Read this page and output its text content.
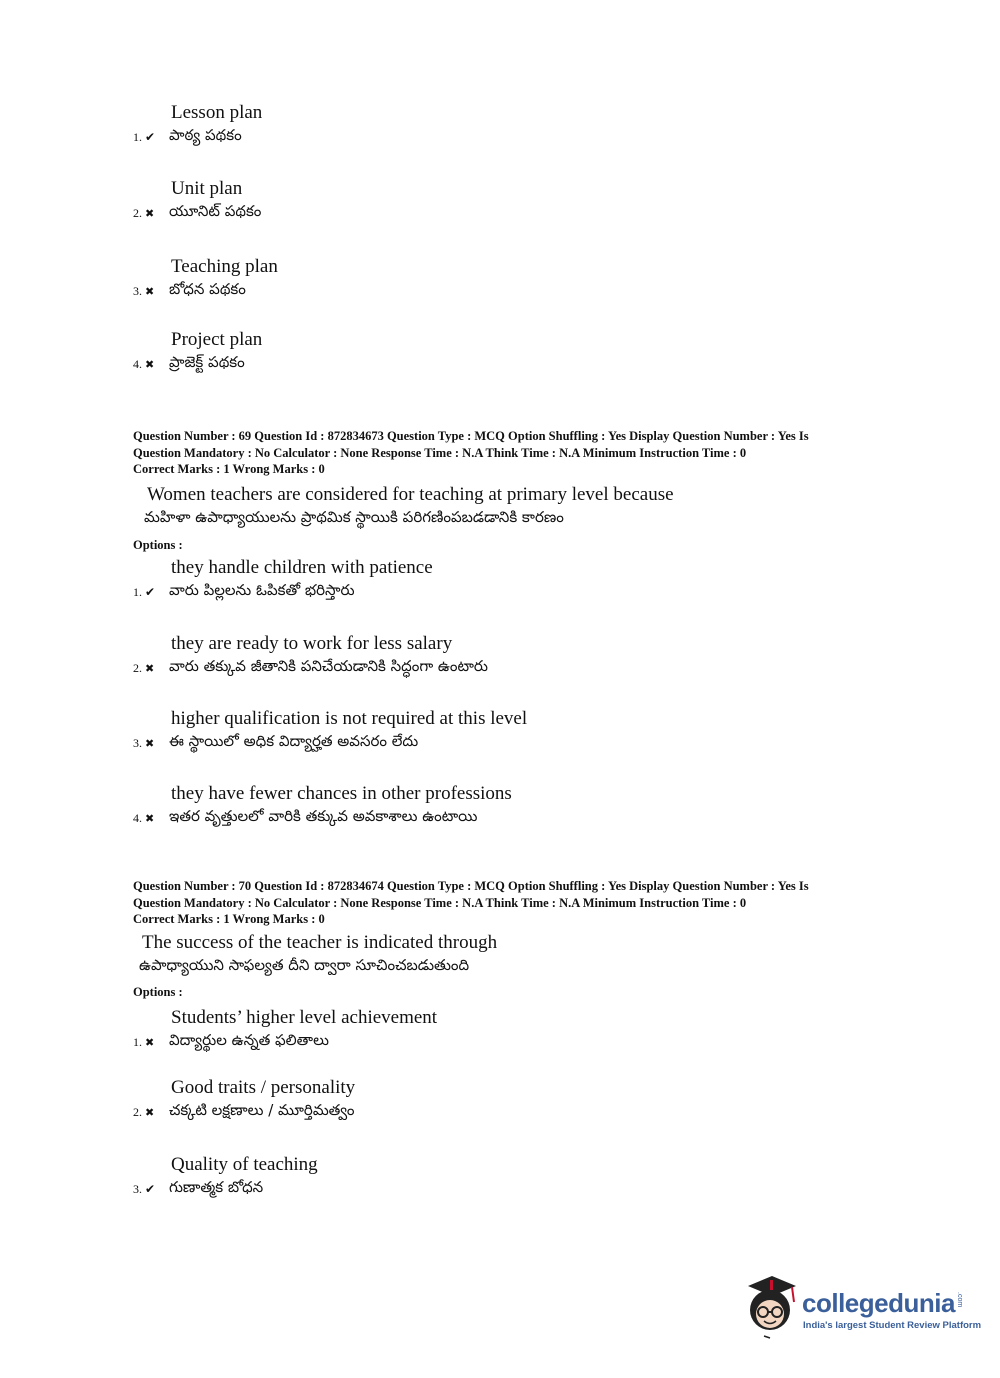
Lesson plan
పాఠ్య పథకం
1. ✔
Unit plan
యూనిట్ పథకం
2. ✖
Teaching plan
బోధన పథకం
3. ✖
Project plan
ప్రాజెక్ట్ పథకం
4. ✖
Question Number : 69 Question Id : 872834673 Question Type : MCQ Option Shuffling : Yes Display Question Number : Yes Is
Question Mandatory : No Calculator : None Response Time : N.A Think Time : N.A Minimum Instruction Time : 0
Correct Marks : 1 Wrong Marks : 0
Women teachers are considered for teaching at primary level because
మహిళా ఉపాధ్యాయులను ప్రాథమిక స్థాయికి పరిగణింపబడడానికి కారణం
Options :
they handle children with patience
వారు పిల్లలను ఓపికతో భరిస్తారు
1. ✔
they are ready to work for less salary
వారు తక్కువ జీతానికి పనిచేయడానికి సిద్ధంగా ఉంటారు
2. ✖
higher qualification is not required at this level
ఈ స్థాయిలో అధిక విద్యార్హత అవసరం లేదు
3. ✖
they have fewer chances in other professions
ఇతర వృత్తులలో వారికి తక్కువ అవకాశాలు ఉంటాయి
4. ✖
Question Number : 70 Question Id : 872834674 Question Type : MCQ Option Shuffling : Yes Display Question Number : Yes Is
Question Mandatory : No Calculator : None Response Time : N.A Think Time : N.A Minimum Instruction Time : 0
Correct Marks : 1 Wrong Marks : 0
The success of the teacher is indicated through
ఉపాధ్యాయుని సాఫల్యత దీని ద్వారా సూచించబడుతుంది
Options :
Students’ higher level achievement
విద్యార్థుల ఉన్నత ఫలితాలు
1. ✖
Good traits / personality
చక్కటి లక్షణాలు / మూర్తిమత్వం
2. ✖
Quality of teaching
గుణాత్మక బోధన
3. ✔
collegedunia .com
India's largest Student Review Platform
